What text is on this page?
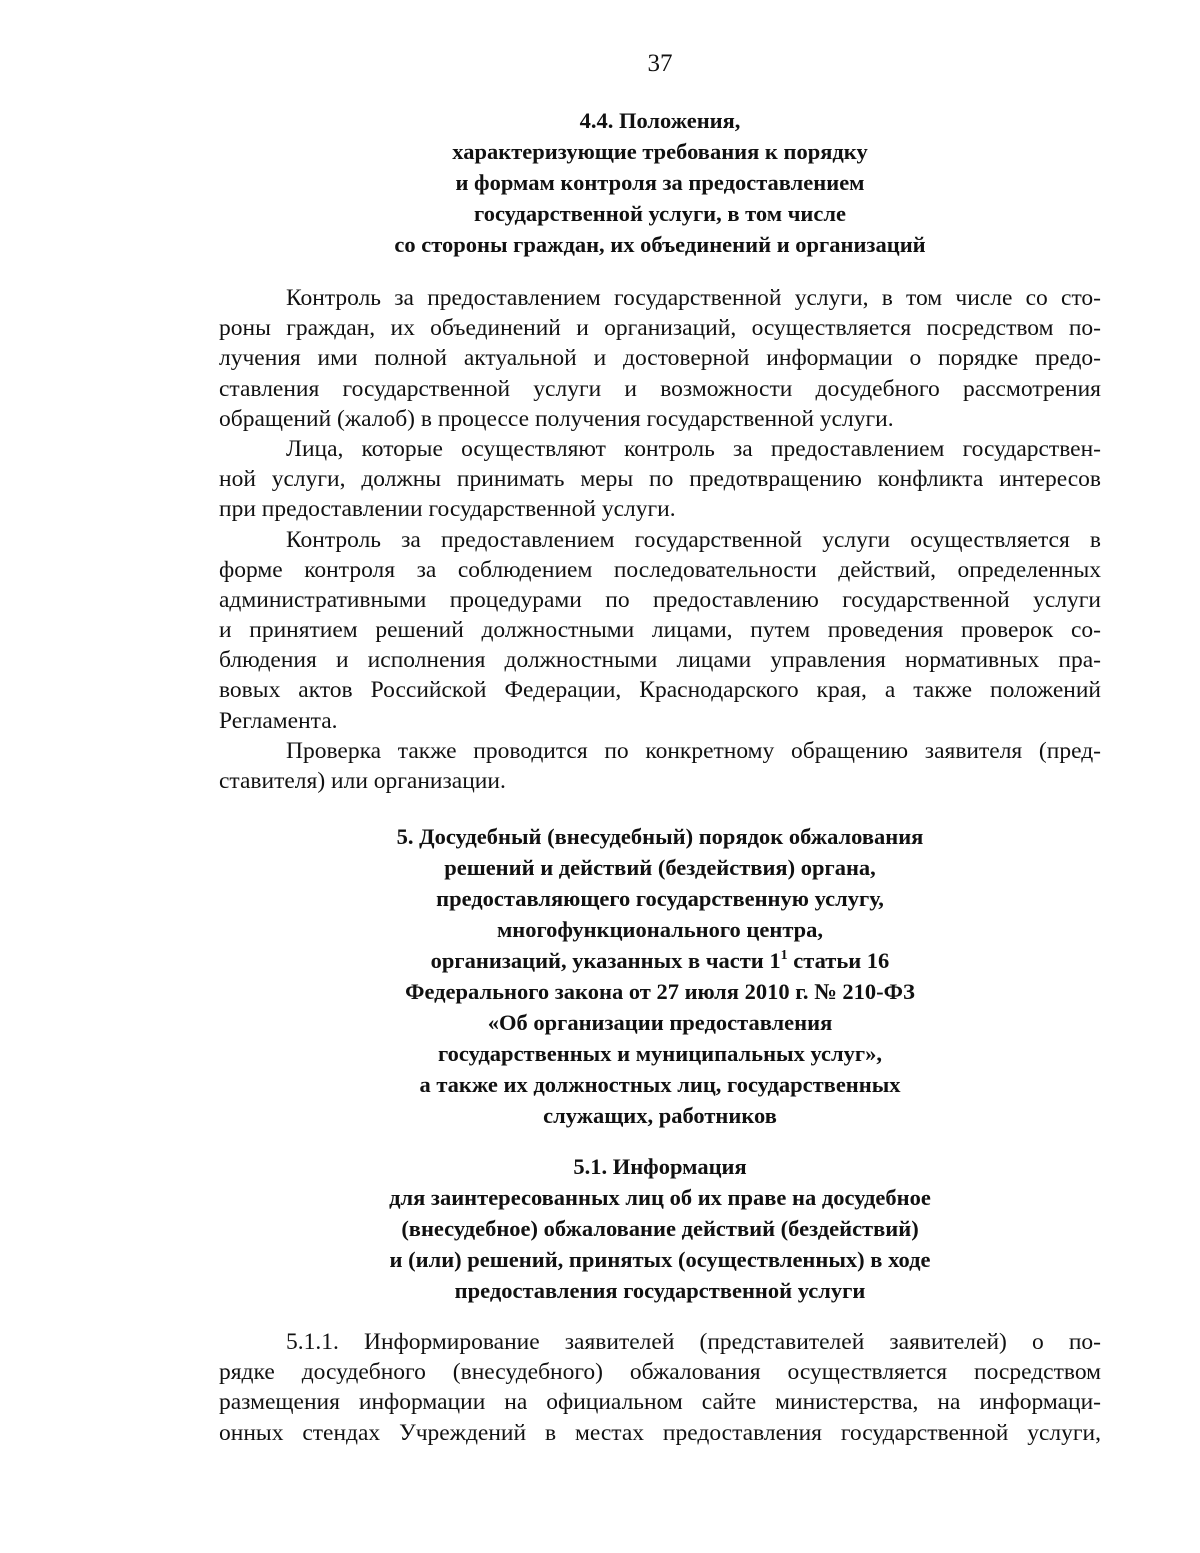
37
4.4. Положения,
характеризующие требования к порядку
и формам контроля за предоставлением
государственной услуги, в том числе
со стороны граждан, их объединений и организаций

Контроль за предоставлением государственной услуги, в том числе со сто-
роны граждан, их объединений и организаций, осуществляется посредством по-
лучения ими полной актуальной и достоверной информации о порядке предо-
ставления государственной услуги и возможности досудебного рассмотрения
обращений (жалоб) в процессе получения государственной услуги.

Лица, которые осуществляют контроль за предоставлением государствен-
ной услуги, должны принимать меры по предотвращению конфликта интересов
при предоставлении государственной услуги.

Контроль за предоставлением государственной услуги осуществляется в
форме контроля за соблюдением последовательности действий, определенных
административными процедурами по предоставлению государственной услуги
и принятием решений должностными лицами, путем проведения проверок со-
блюдения и исполнения должностными лицами управления нормативных пра-
вовых актов Российской Федерации, Краснодарского края, а также положений
Регламента.

Проверка также проводится по конкретному обращению заявителя (пред-
ставителя) или организации.

5. Досудебный (внесудебный) порядок обжалования
решений и действий (бездействия) органа,
предоставляющего государственную услугу,
многофункционального центра,
организаций, указанных в части $1^1$ статьи 16
Федерального закона от 27 июля 2010 г. № 210-ФЗ
«Об организации предоставления
государственных и муниципальных услуг»,
а также их должностных лиц, государственных
служащих, работников
5.1. Информация
для заинтересованных лиц об их праве на досудебное
(внесудебное) обжалование действий (бездействий)
и (или) решений, принятых (осуществленных) в ходе
предоставления государственной услуги

5.1.1. Информирование заявителей (представителей заявителей) о по-
рядке досудебного (внесудебного) обжалования осуществляется посредством
размещения информации на официальном сайте министерства, на информаци-
онных стендах Учреждений в местах предоставления государственной услуги,
